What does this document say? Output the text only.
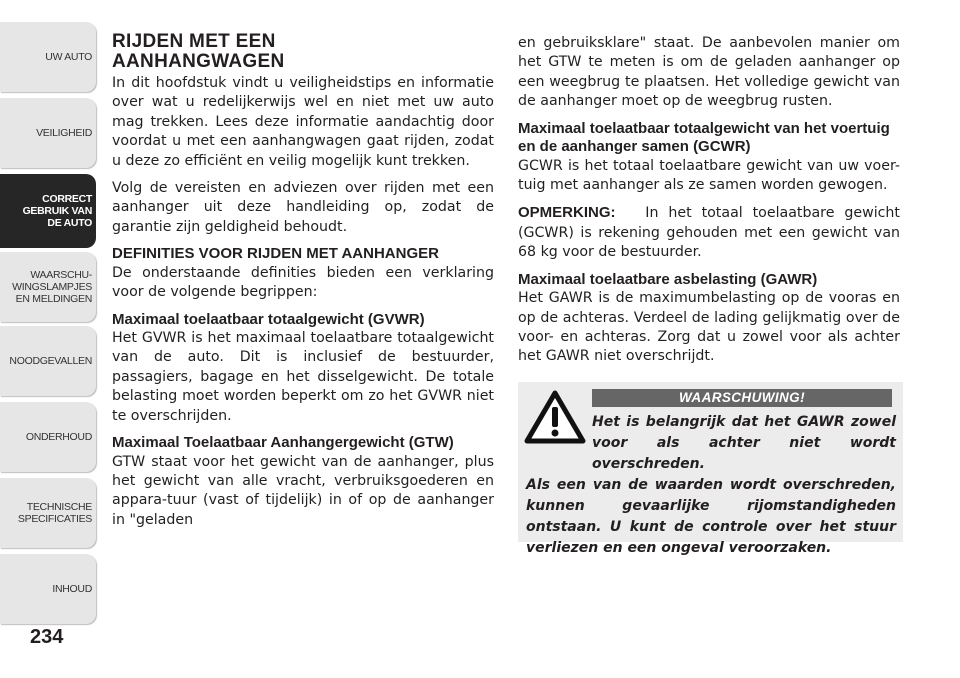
UW AUTO
VEILIGHEID
CORRECT
GEBRUIK VAN
DE AUTO
WAARSCHU-
WINGSLAMPJES
EN MELDINGEN
NOODGEVALLEN
ONDERHOUD
TECHNISCHE
SPECIFICATIES
INHOUD
234
RIJDEN MET EEN
AANHANGWAGEN

In dit hoofdstuk vindt u veiligheidstips en informatie over wat u redelijkerwijs wel en niet met uw auto mag trekken. Lees deze informatie aandachtig door voordat u met een aanhangwagen gaat rijden, zodat u deze zo efficiënt en veilig mogelijk kunt trekken.

Volg de vereisten en adviezen over rijden met een aanhanger uit deze handleiding op, zodat de garantie zijn geldigheid behoudt.

DEFINITIES VOOR RIJDEN MET AANHANGER

De onderstaande definities bieden een verklaring voor de volgende begrippen:

Maximaal toelaatbaar totaalgewicht (GVWR)

Het GVWR is het maximaal toelaatbare totaalgewicht van de auto. Dit is inclusief de bestuurder, passagiers, bagage en het disselgewicht. De totale belasting moet worden beperkt om zo het GVWR niet te overschrijden.

Maximaal Toelaatbaar Aanhangergewicht (GTW)

GTW staat voor het gewicht van de aanhanger, plus het gewicht van alle vracht, verbruiksgoederen en appara-tuur (vast of tijdelijk) in of op de aanhanger in "geladen

en gebruiksklare" staat. De aanbevolen manier om het GTW te meten is om de geladen aanhanger op een weegbrug te plaatsen. Het volledige gewicht van de aanhanger moet op de weegbrug rusten.

Maximaal toelaatbaar totaalgewicht van het voertuig en de aanhanger samen (GCWR)

GCWR is het totaal toelaatbare gewicht van uw voer-tuig met aanhanger als ze samen worden gewogen.

OPMERKING: In het totaal toelaatbare gewicht (GCWR) is rekening gehouden met een gewicht van 68 kg voor de bestuurder.

Maximaal toelaatbare asbelasting (GAWR)

Het GAWR is de maximumbelasting op de vooras en op de achteras. Verdeel de lading gelijkmatig over de voor- en achteras. Zorg dat u zowel voor als achter het GAWR niet overschrijdt.

WAARSCHUWING!
Het is belangrijk dat het GAWR zowel voor als achter niet wordt overschreden.
Als een van de waarden wordt overschreden, kunnen gevaarlijke rijomstandigheden ontstaan. U kunt de controle over het stuur verliezen en een ongeval veroorzaken.
